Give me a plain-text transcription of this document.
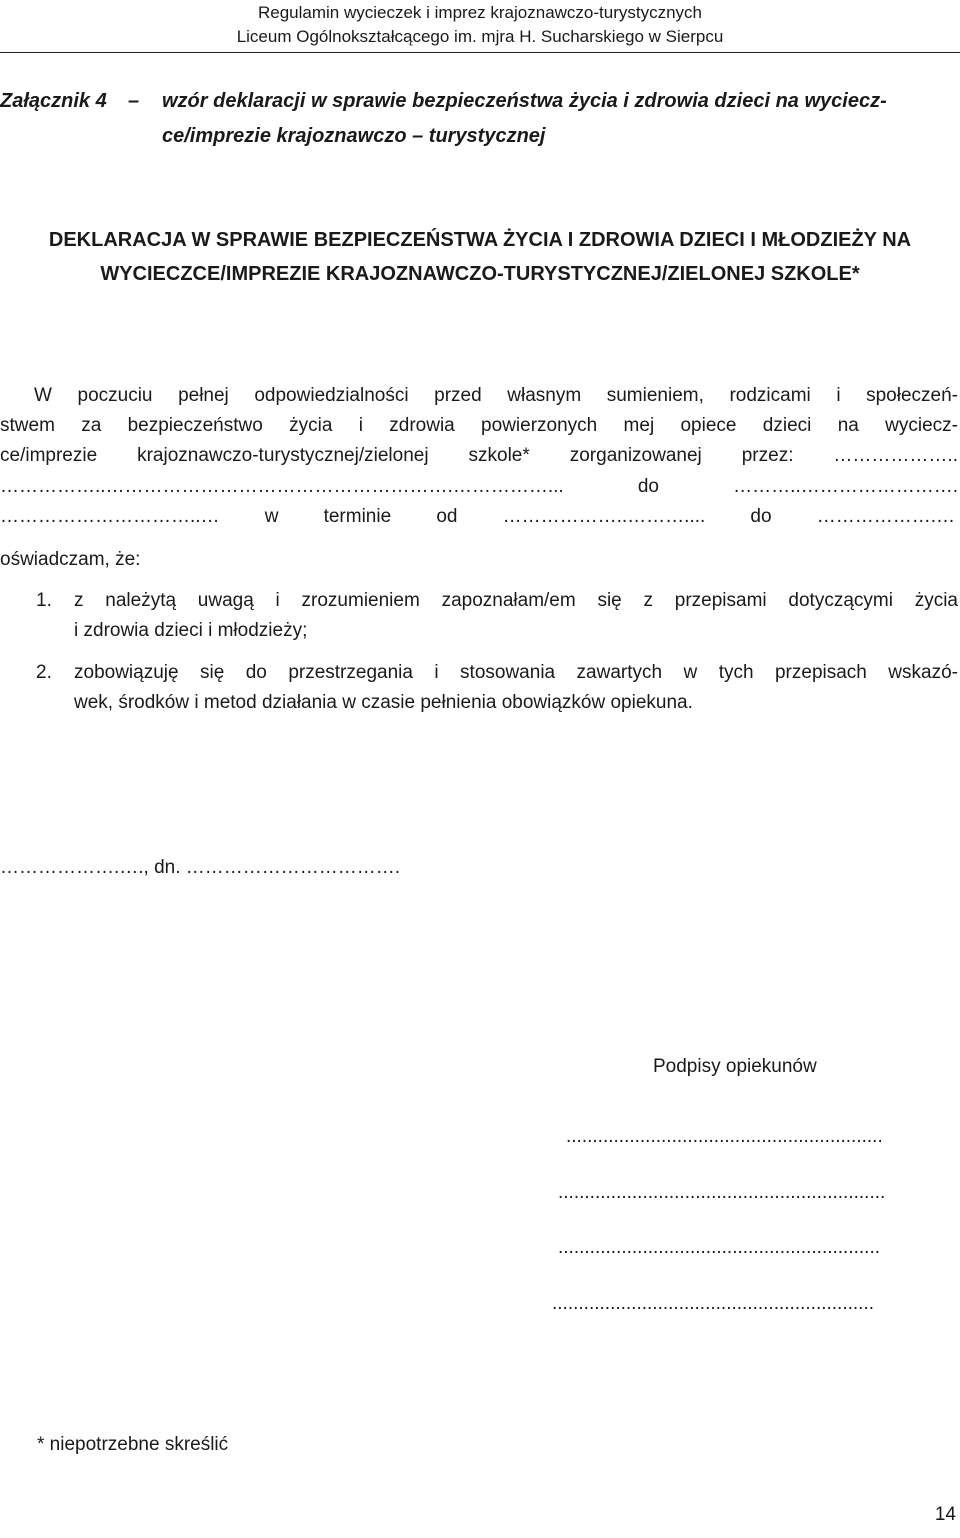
Regulamin wycieczek i imprez krajoznawczo-turystycznych
Liceum Ogólnokształcącego im. mjra H. Sucharskiego w Sierpcu
Załącznik 4 – wzór deklaracji w sprawie bezpieczeństwa życia i zdrowia dzieci na wyciecz-
ce/imprezie krajoznawczo – turystycznej
DEKLARACJA W SPRAWIE BEZPIECZEŃSTWA ŻYCIA I ZDROWIA DZIECI I MŁODZIEŻY NA
WYCIECZCE/IMPREZIE KRAJOZNAWCZO-TURYSTYCZNEJ/ZIELONEJ SZKOLE*
W poczuciu pełnej odpowiedzialności przed własnym sumieniem, rodzicami i społeczeń-
stwem za bezpieczeństwo życia i zdrowia powierzonych mej opiece dzieci na wyciecz-
ce/imprezie krajoznawczo-turystycznej/zielonej szkole* zorganizowanej przez: ………………..
……………..……………………………………………….……………... do ………..…………………….
…………………………..… w terminie od ………………..……….... do ……………….…
oświadczam, że:
1. z należytą uwagą i zrozumieniem zapoznałam/em się z przepisami dotyczącymi życia
i zdrowia dzieci i młodzieży;
2. zobowiązuję się do przestrzegania i stosowania zawartych w tych przepisach wskazó-
wek, środków i metod działania w czasie pełnienia obowiązków opiekuna.
……………….…., dn. …………………………….
Podpisy opiekunów
............................................................
..............................................................
.............................................................
.............................................................
* niepotrzebne skreślić
14
